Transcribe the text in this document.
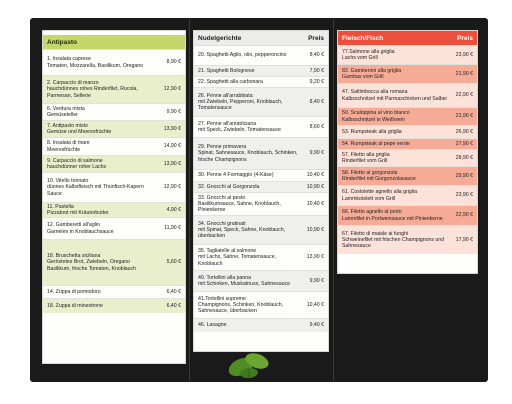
Antipasto
1. Insalata caprese
Tomaten, Mozzarella, Basilikum, Oregano
8,90 €
2. Carpaccio di manzo
hauchdünnes rohes Rinderfilet, Rucola, Parmesan, Sellerie
12,90 €
6. Verdura mista
Gemüseteller
9,90 €
7. Antipasto misto
Gemüse und Meeresfrüchte
13,90 €
8. Insalata di mare
Meeresfrüchte
14,90 €
9. Carpaccio di salmone
hauchdünner roher Lachs
13,90 €
10. Vitello tonnato
dünnes Kalbsfleisch mit Thunfisch-Kapern Sauce
12,90 €
11. Pastella
Pizzabrot mit Kräuterbutter
4,90 €
12. Gamberetti all'aglio
Garnelen in Knoblauchsauce
11,90 €
18. Bruschetta siciliana
Geröstetes Brot, Zwiebeln, Oregano
Basilikum, frische Tomaten, Knoblauch
5,60 €
14. Zuppa di pomodoro	6,40 €
18. Zuppa di minestrone	6,40 €
Nudelgerichte	Preis
20. Spaghetti Aglio, olio, pepperoncino	8,40 €
21. Spaghetti Bolognese	7,90 €
22. Spaghetti alla carbonara	9,20 €
26. Penne all'arrabbiata
mit Zwiebeln, Pepperoni, Knoblauch, Tomatensauce
8,40 €
27. Penne all'amatriciana
mit Speck, Zwiebeln, Tomatensauce
8,60 €
29. Penne primavera
Spinat, Sahnesauce, Knoblauch, Schinken, frische Champignons
9,90 €
30. Penne 4 Formaggio (4-Käse)	10,40 €
32. Gnocchi al Gorgonzola	10,90 €
33. Gnocchi al pesto
Basilikumsauce, Sahne, Knoblauch, Pinienkerne
10,40 €
34. Gnocchi gratinati
mit Spinat, Speck, Sahne, Knoblauch, überbacken
10,90 €
35. Tagliatelle al salmone
mit Lachs, Sahne, Tomatensauce, Knoblauch
13,90 €
40. Tortellini alla panna
mit Schinken, Muskatnuss, Sahnesauce
9,90 €
41.Tortellini supreme
Champignons, Schinken, Knoblauch, Sahnesauce, überbacken
10,40 €
46. Lasagne	9,40 €
Fleisch/Fisch	Preis
77.Salmone alla griglia
Lachs vom Grill
23,90 €
82. Gamberoni alla griglia
Gambas vom Grill
21,90 €
47. Saltimbocca alla romana
Kalbsschnitzel mit Parmaschinken und Salbei
22,90 €
50. Scaloppina al vino bianco
Kalbsschnitzel in Weißwein
21,90 €
53. Rumpsteak alla griglia	26,90 €
54. Rumpsteak al pepe verde	27,90 €
57. Filetto alla griglia
Rinderfilet vom Grill
28,90 €
58. Filetto al gorgonzola
Rinderfilet mit Gorgonzolasauce
29,90 €
61. Costolette agnello alla griglia
Lammkotelett vom Grill
23,90 €
66. Filetto agnello al porto
Lammfilet in Portweinsauce mit Pinienkerne
22,90 €
67. Filetto di maiale ai funghi
Schweinefilet mit frischen Champignons und Sahnesauce
17,90 €
